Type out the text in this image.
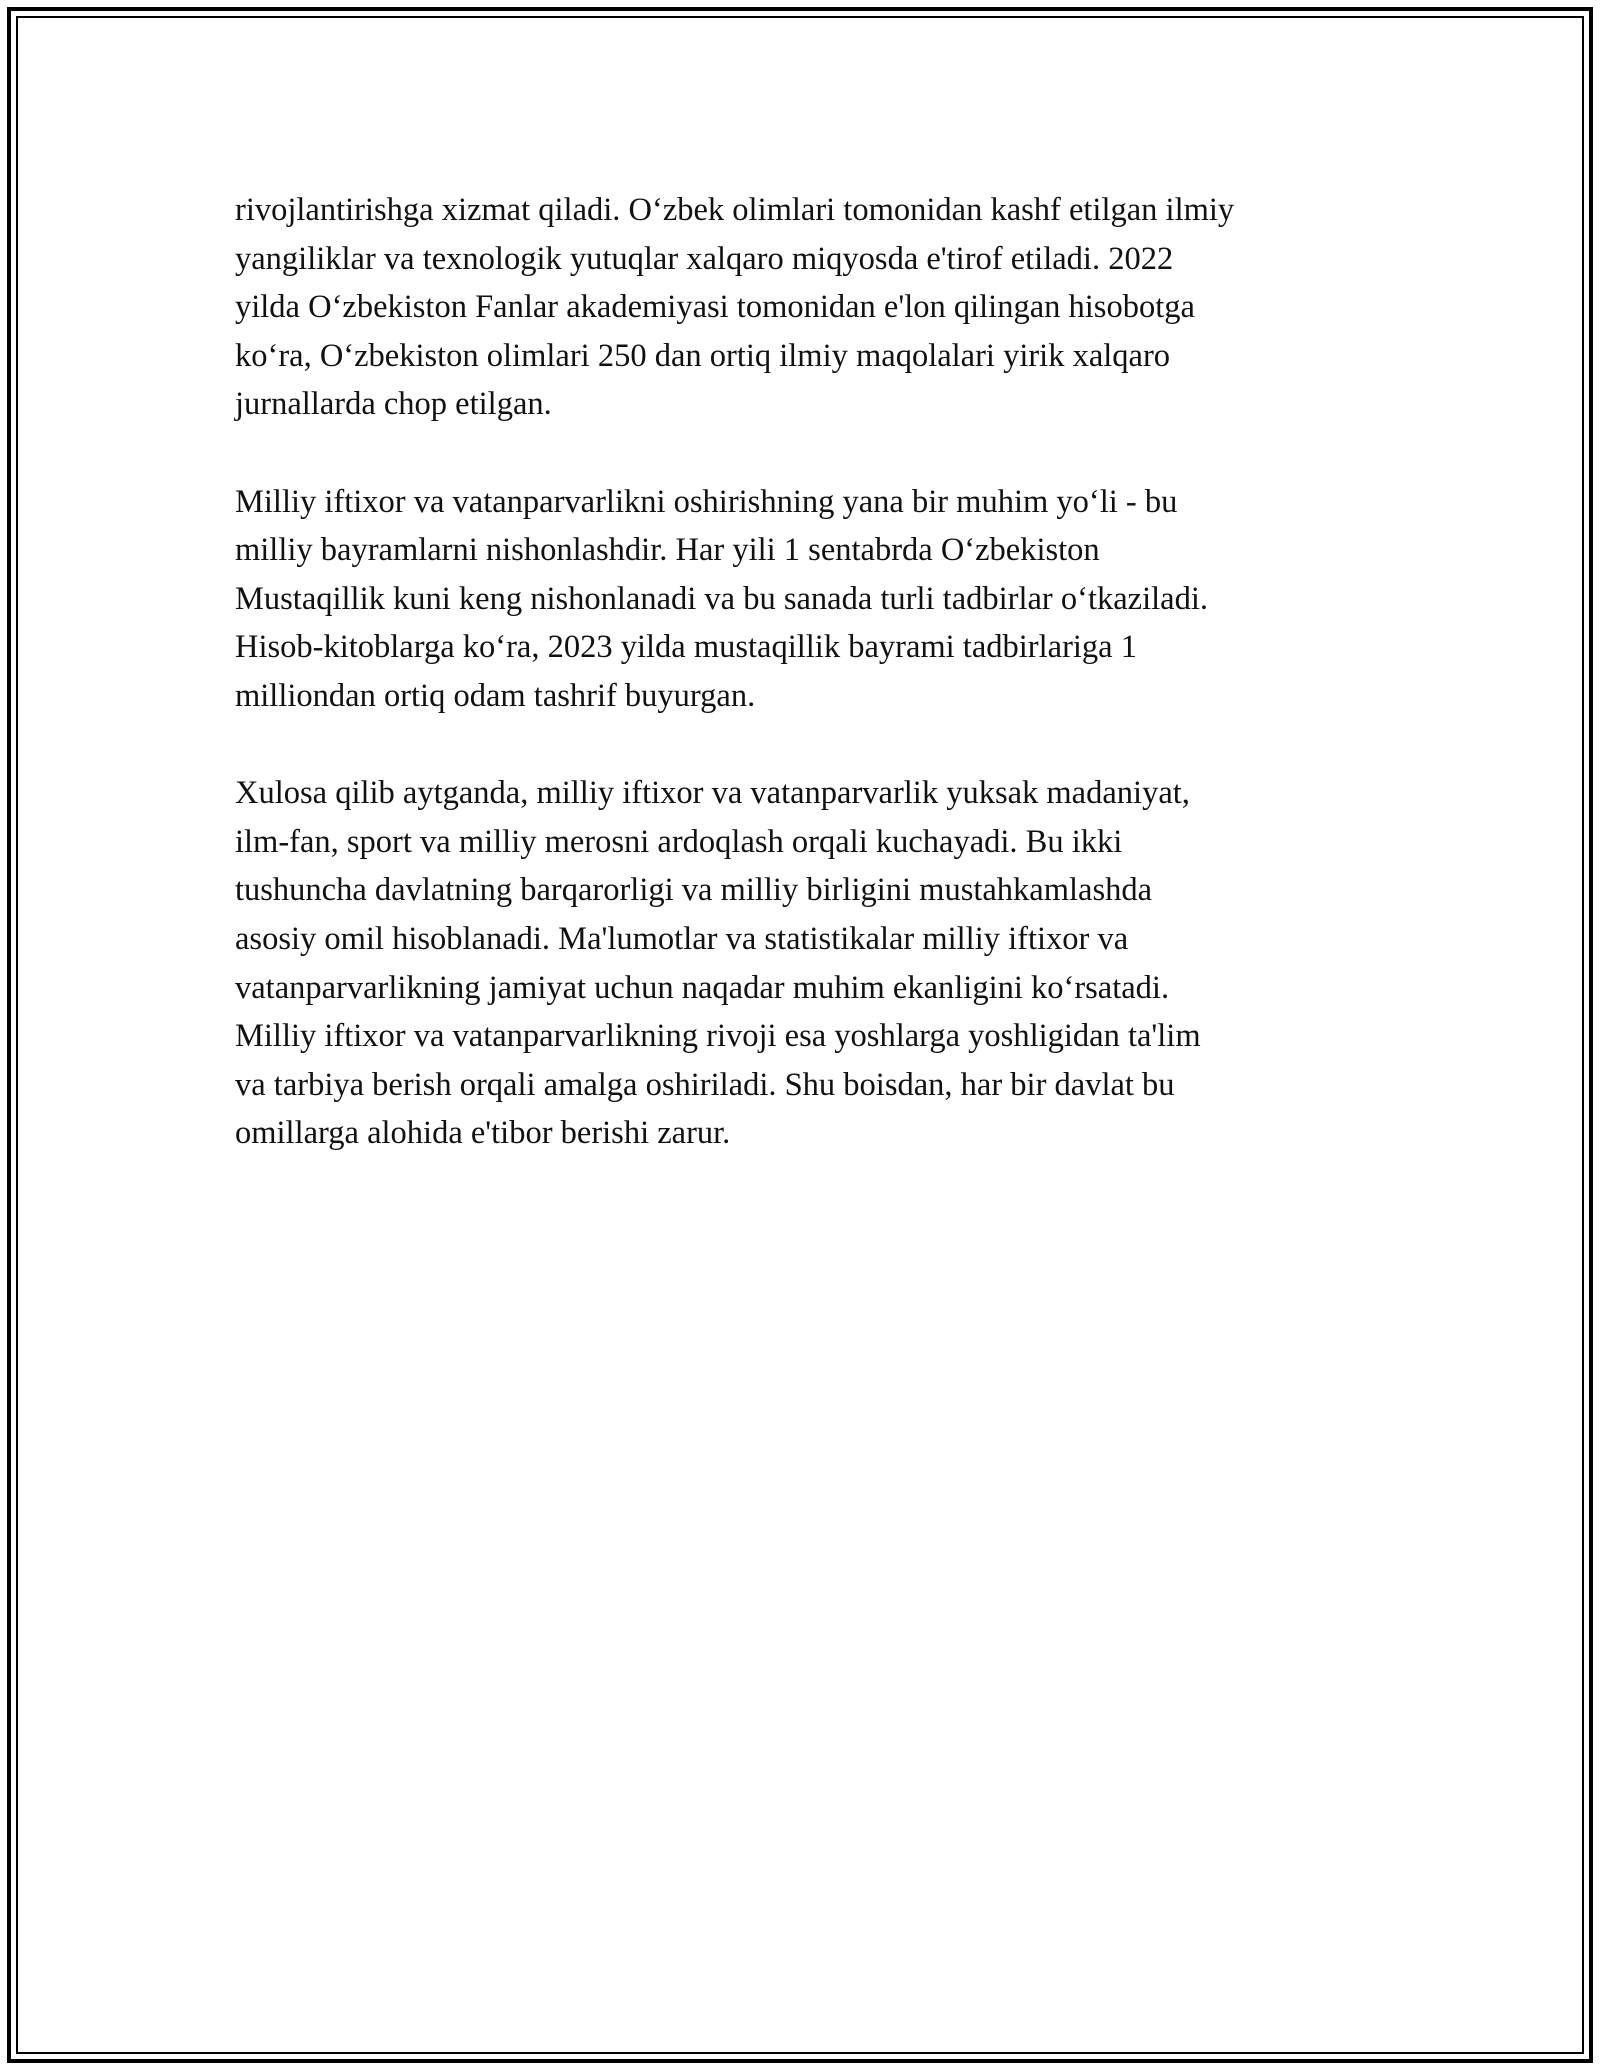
rivojlantirishga xizmat qiladi. O‘zbek olimlari tomonidan kashf etilgan ilmiy
yangiliklar va texnologik yutuqlar xalqaro miqyosda e'tirof etiladi. 2022
yilda O‘zbekiston Fanlar akademiyasi tomonidan e'lon qilingan hisobotga
ko‘ra, O‘zbekiston olimlari 250 dan ortiq ilmiy maqolalari yirik xalqaro
jurnallarda chop etilgan.

Milliy iftixor va vatanparvarlikni oshirishning yana bir muhim yo‘li - bu
milliy bayramlarni nishonlashdir. Har yili 1 sentabrda O‘zbekiston
Mustaqillik kuni keng nishonlanadi va bu sanada turli tadbirlar o‘tkaziladi.
Hisob-kitoblarga ko‘ra, 2023 yilda mustaqillik bayrami tadbirlariga 1
milliondan ortiq odam tashrif buyurgan.

Xulosa qilib aytganda, milliy iftixor va vatanparvarlik yuksak madaniyat,
ilm-fan, sport va milliy merosni ardoqlash orqali kuchayadi. Bu ikki
tushuncha davlatning barqarorligi va milliy birligini mustahkamlashda
asosiy omil hisoblanadi. Ma'lumotlar va statistikalar milliy iftixor va
vatanparvarlikning jamiyat uchun naqadar muhim ekanligini ko‘rsatadi.
Milliy iftixor va vatanparvarlikning rivoji esa yoshlarga yoshligidan ta'lim
va tarbiya berish orqali amalga oshiriladi. Shu boisdan, har bir davlat bu
omillarga alohida e'tibor berishi zarur.
